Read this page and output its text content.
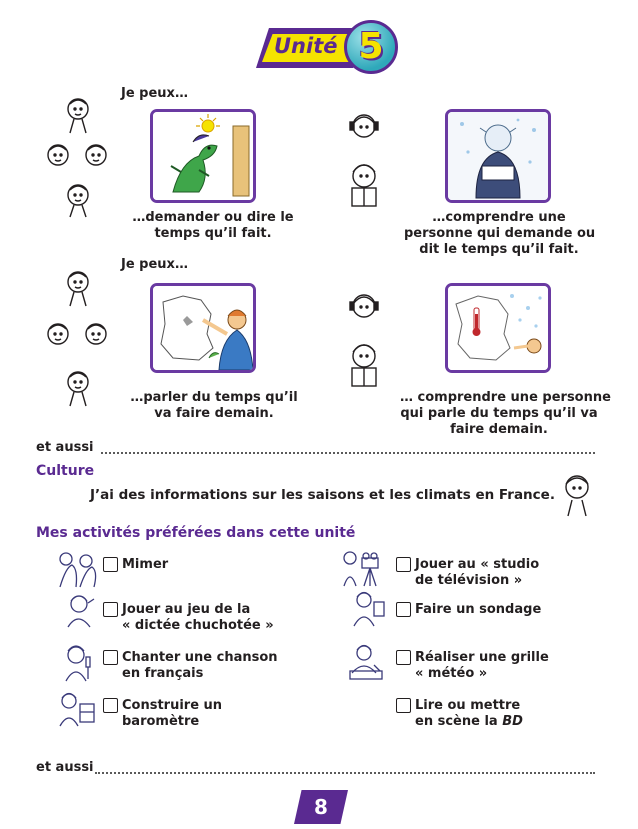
Unité 5
Je peux…
…demander ou dire le
temps qu’il fait.
…comprendre une
personne qui demande ou
dit le temps qu’il fait.
Je peux…
…parler du temps qu’il
va faire demain.
… comprendre une personne
qui parle du temps qu’il va
faire demain.
et aussi
Culture
J’ai des informations sur les saisons et les climats en France.
Mes activités préférées dans cette unité
Mimer
Jouer au jeu de la
« dictée chuchotée »
Chanter une chanson
en français
Construire un
baromètre
Jouer au « studio
de télévision »
Faire un sondage
Réaliser une grille
« météo »
Lire ou mettre
en scène la BD
et aussi
8
